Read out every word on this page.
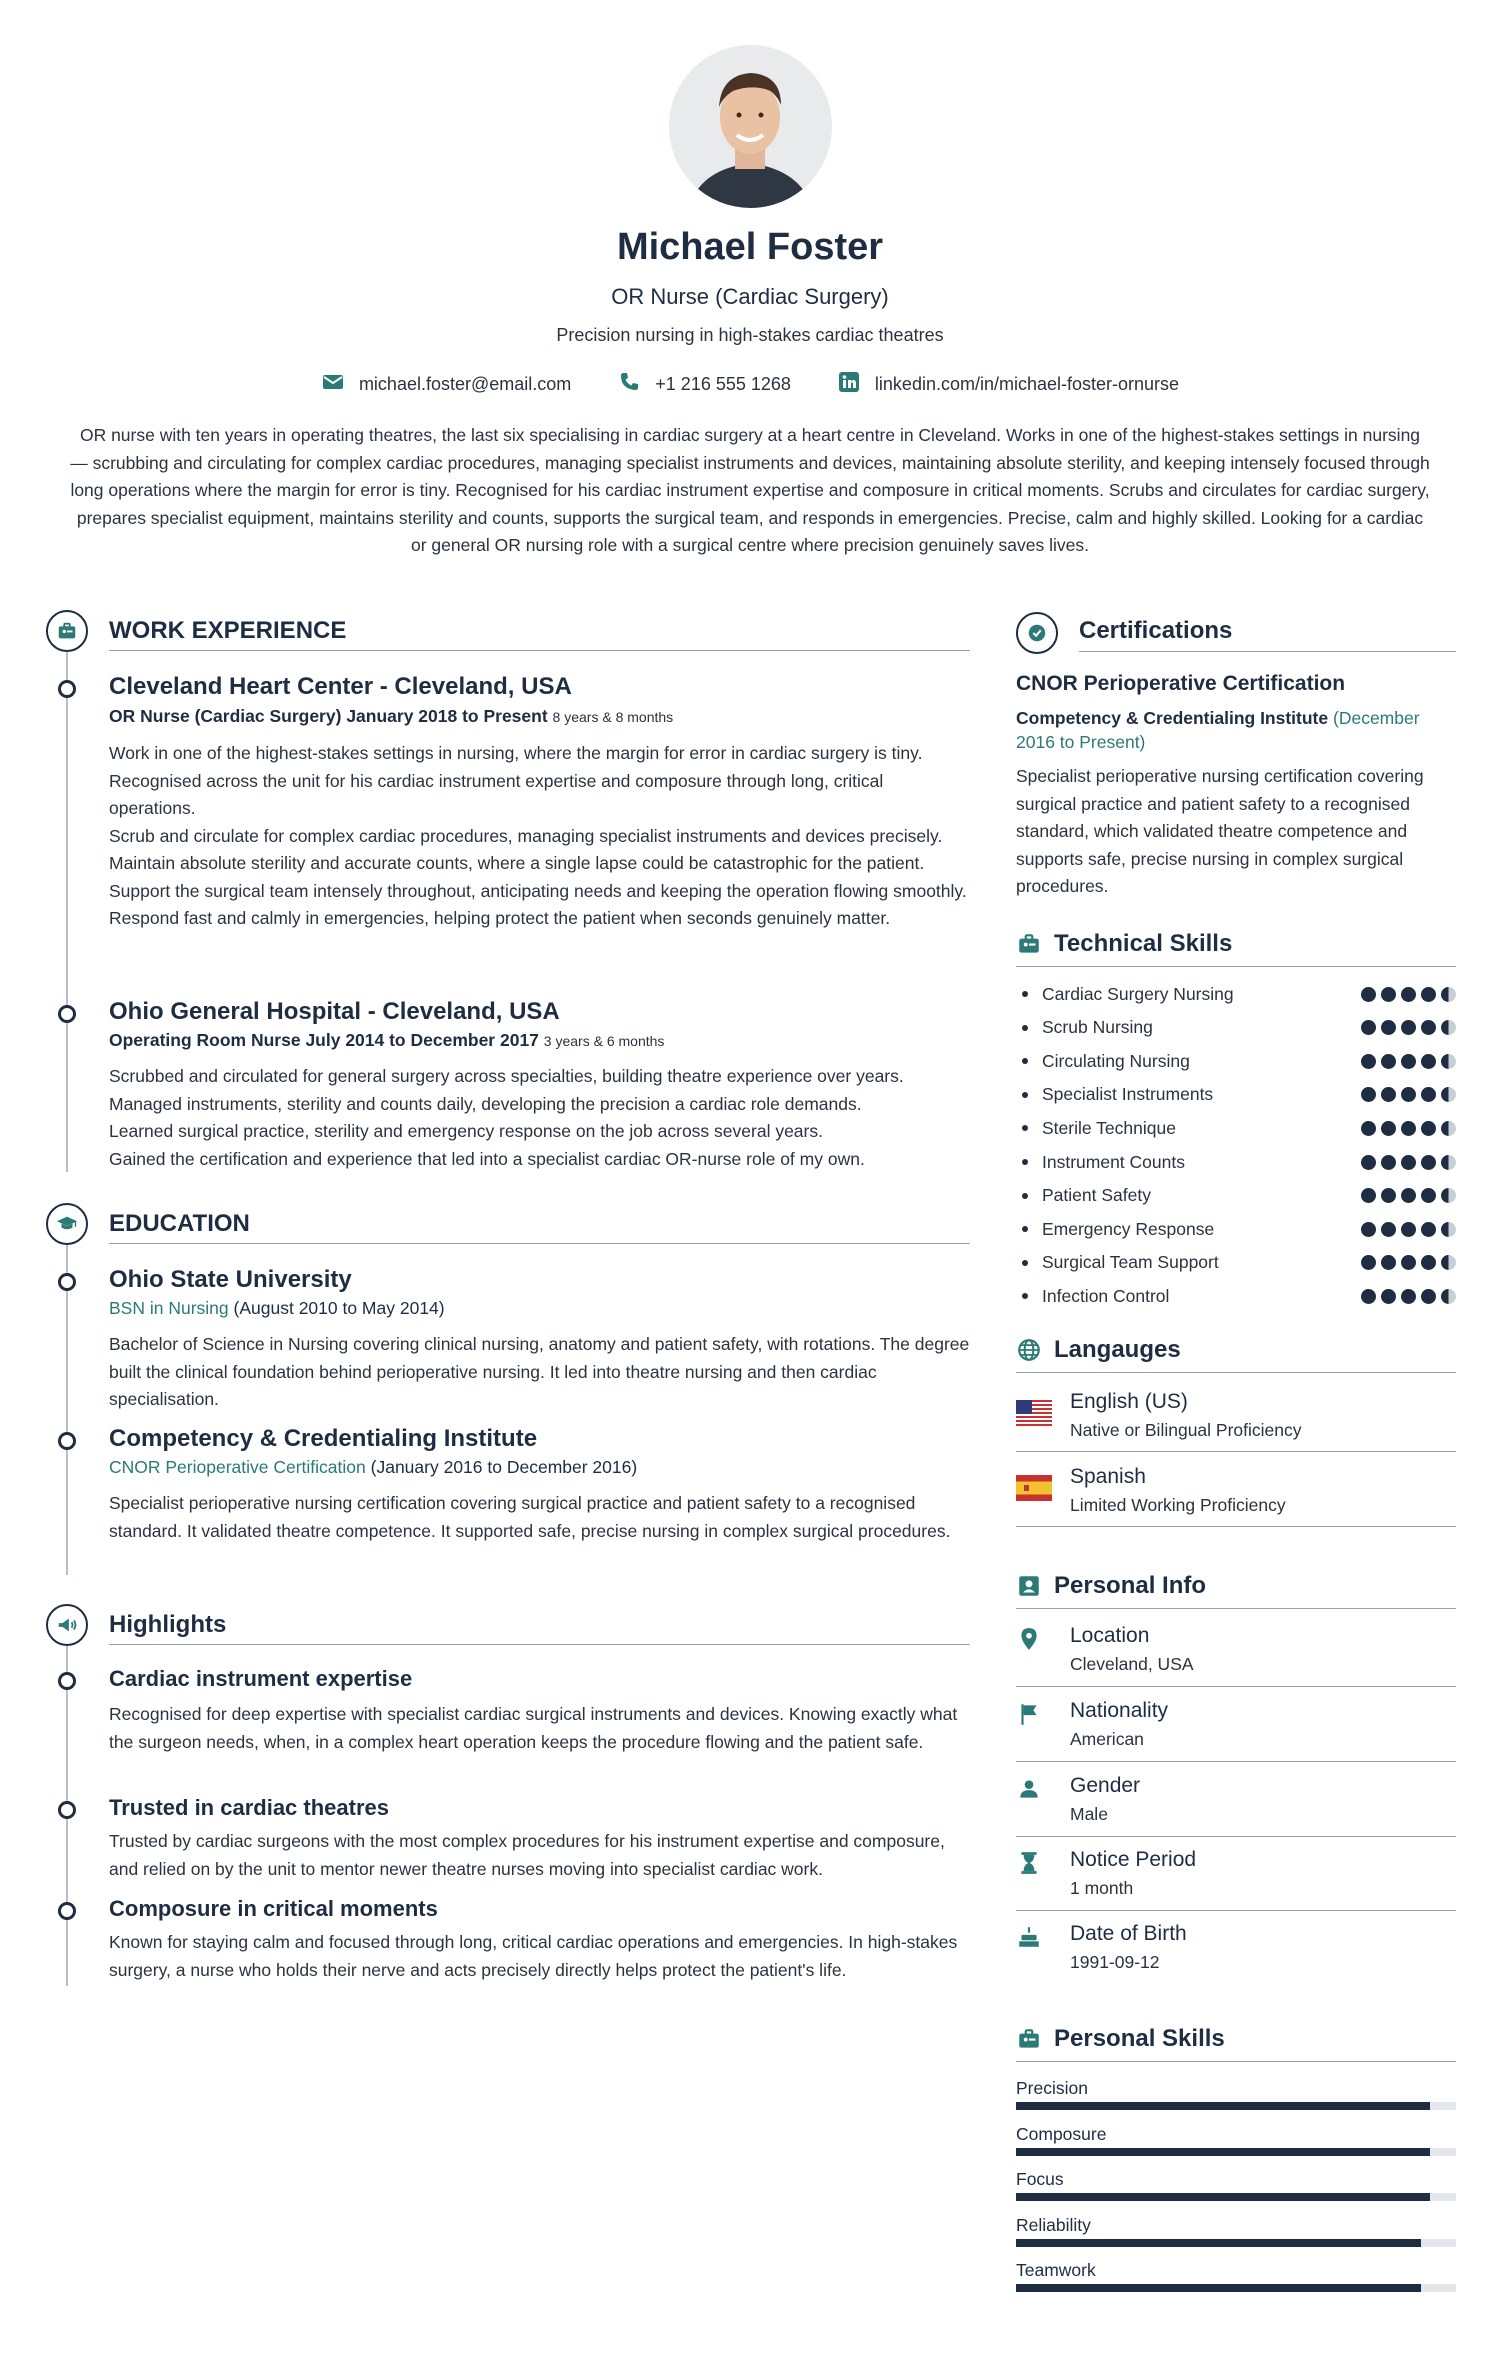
Michael Foster
OR Nurse (Cardiac Surgery)
Precision nursing in high-stakes cardiac theatres
michael.foster@email.com	+1 216 555 1268	linkedin.com/in/michael-foster-ornurse
OR nurse with ten years in operating theatres, the last six specialising in cardiac surgery at a heart centre in Cleveland. Works in one of the highest-stakes settings in nursing — scrubbing and circulating for complex cardiac procedures, managing specialist instruments and devices, maintaining absolute sterility, and keeping intensely focused through long operations where the margin for error is tiny. Recognised for his cardiac instrument expertise and composure in critical moments. Scrubs and circulates for cardiac surgery, prepares specialist equipment, maintains sterility and counts, supports the surgical team, and responds in emergencies. Precise, calm and highly skilled. Looking for a cardiac or general OR nursing role with a surgical centre where precision genuinely saves lives.
WORK EXPERIENCE
Cleveland Heart Center - Cleveland, USA
OR Nurse (Cardiac Surgery) January 2018 to Present 8 years & 8 months
Work in one of the highest-stakes settings in nursing, where the margin for error in cardiac surgery is tiny. Recognised across the unit for his cardiac instrument expertise and composure through long, critical operations.
Scrub and circulate for complex cardiac procedures, managing specialist instruments and devices precisely.
Maintain absolute sterility and accurate counts, where a single lapse could be catastrophic for the patient.
Support the surgical team intensely throughout, anticipating needs and keeping the operation flowing smoothly.
Respond fast and calmly in emergencies, helping protect the patient when seconds genuinely matter.
Ohio General Hospital - Cleveland, USA
Operating Room Nurse July 2014 to December 2017 3 years & 6 months
Scrubbed and circulated for general surgery across specialties, building theatre experience over years.
Managed instruments, sterility and counts daily, developing the precision a cardiac role demands.
Learned surgical practice, sterility and emergency response on the job across several years.
Gained the certification and experience that led into a specialist cardiac OR-nurse role of my own.
EDUCATION
Ohio State University
BSN in Nursing (August 2010 to May 2014)
Bachelor of Science in Nursing covering clinical nursing, anatomy and patient safety, with rotations. The degree built the clinical foundation behind perioperative nursing. It led into theatre nursing and then cardiac specialisation.
Competency & Credentialing Institute
CNOR Perioperative Certification (January 2016 to December 2016)
Specialist perioperative nursing certification covering surgical practice and patient safety to a recognised standard. It validated theatre competence. It supported safe, precise nursing in complex surgical procedures.
Highlights
Cardiac instrument expertise
Recognised for deep expertise with specialist cardiac surgical instruments and devices. Knowing exactly what the surgeon needs, when, in a complex heart operation keeps the procedure flowing and the patient safe.
Trusted in cardiac theatres
Trusted by cardiac surgeons with the most complex procedures for his instrument expertise and composure, and relied on by the unit to mentor newer theatre nurses moving into specialist cardiac work.
Composure in critical moments
Known for staying calm and focused through long, critical cardiac operations and emergencies. In high-stakes surgery, a nurse who holds their nerve and acts precisely directly helps protect the patient's life.
Certifications
CNOR Perioperative Certification
Competency & Credentialing Institute (December 2016 to Present)
Specialist perioperative nursing certification covering surgical practice and patient safety to a recognised standard, which validated theatre competence and supports safe, precise nursing in complex surgical procedures.
Technical Skills
Cardiac Surgery Nursing
Scrub Nursing
Circulating Nursing
Specialist Instruments
Sterile Technique
Instrument Counts
Patient Safety
Emergency Response
Surgical Team Support
Infection Control
Langauges
English (US)
Native or Bilingual Proficiency
Spanish
Limited Working Proficiency
Personal Info
Location
Cleveland, USA
Nationality
American
Gender
Male
Notice Period
1 month
Date of Birth
1991-09-12
Personal Skills
Precision
Composure
Focus
Reliability
Teamwork
